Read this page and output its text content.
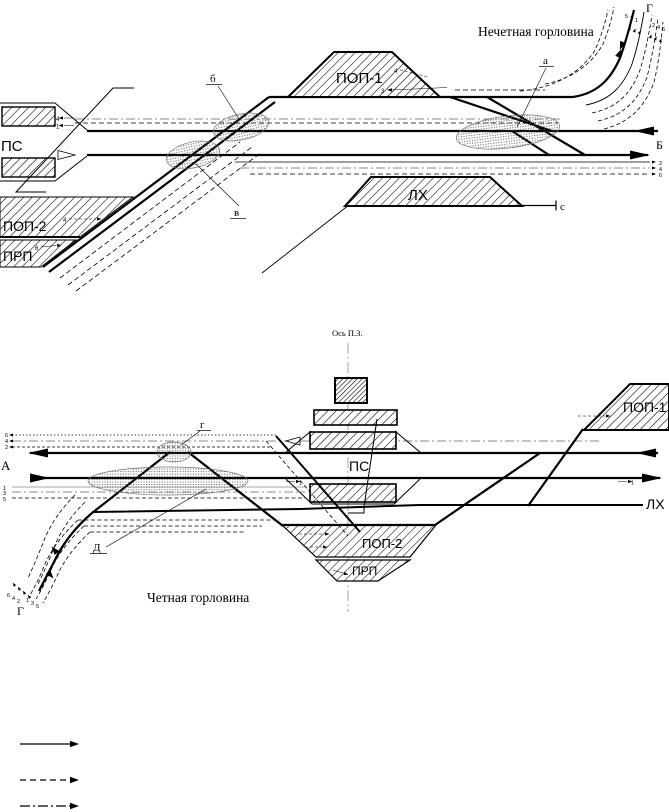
Нечетная горловина
б
в
а
ПОП-1 4
3
ПС
4
1
ПОП-2
ПРП
4
6
ЛХ
с
Г
5 3 1
2 4 6
Б
2
4
6
Ось П.З.
Четная горловина
6
4
2
1
3
5
А
ЛХ
1	1
ПС
ПОП-2
ПРП
г
Д
ПОП-1
6 4 2 1 3 5
Г
